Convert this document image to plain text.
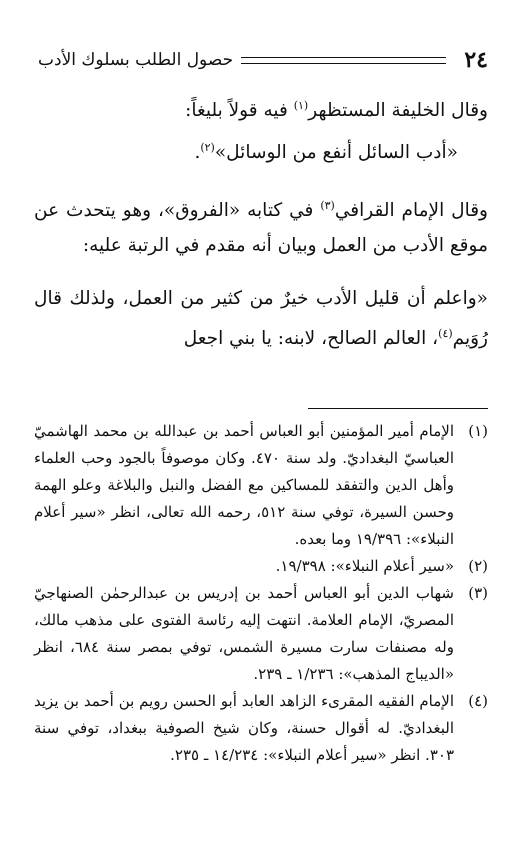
٢٤
حصول الطلب بسلوك الأدب

وقال الخليفة المستظهر$^{(١)}$ فيه قولاً بليغاً:

«أدب السائل أنفع من الوسائل»$^{(٢)}$.

وقال الإمام القرافي$^{(٣)}$ في كتابه «الفروق»، وهو يتحدث عن موقع الأدب من العمل وبيان أنه مقدم في الرتبة عليه:

«واعلم أن قليل الأدب خيرٌ من كثير من العمل، ولذلك قال رُوَيم$^{(٤)}$، العالم الصالح، لابنه: يا بني اجعل

(١)
الإمام أمير المؤمنين أبو العباس أحمد بن عبدالله بن محمد الهاشميّ العباسيّ البغداديّ. ولد سنة ٤٧٠. وكان موصوفاً بالجود وحب العلماء وأهل الدين والتفقد للمساكين مع الفضل والنبل والبلاغة وعلو الهمة وحسن السيرة، توفي سنة ٥١٢، رحمه الله تعالى، انظر «سير أعلام النبلاء»: ١٩/٣٩٦ وما بعده.
(٢)
«سير أعلام النبلاء»: ١٩/٣٩٨.
(٣)
شهاب الدين أبو العباس أحمد بن إدريس بن عبدالرحمٰن الصنهاجيّ المصريّ، الإمام العلامة. انتهت إليه رئاسة الفتوى على مذهب مالك، وله مصنفات سارت مسيرة الشمس، توفي بمصر سنة ٦٨٤، انظر «الديباج المذهب»: ١/٢٣٦ ـ ٢٣٩.
(٤)
الإمام الفقيه المقرىء الزاهد العابد أبو الحسن رويم بن أحمد بن يزيد البغداديّ. له أقوال حسنة، وكان شيخ الصوفية ببغداد، توفي سنة ٣٠٣. انظر «سير أعلام النبلاء»: ١٤/٢٣٤ ـ ٢٣٥.
